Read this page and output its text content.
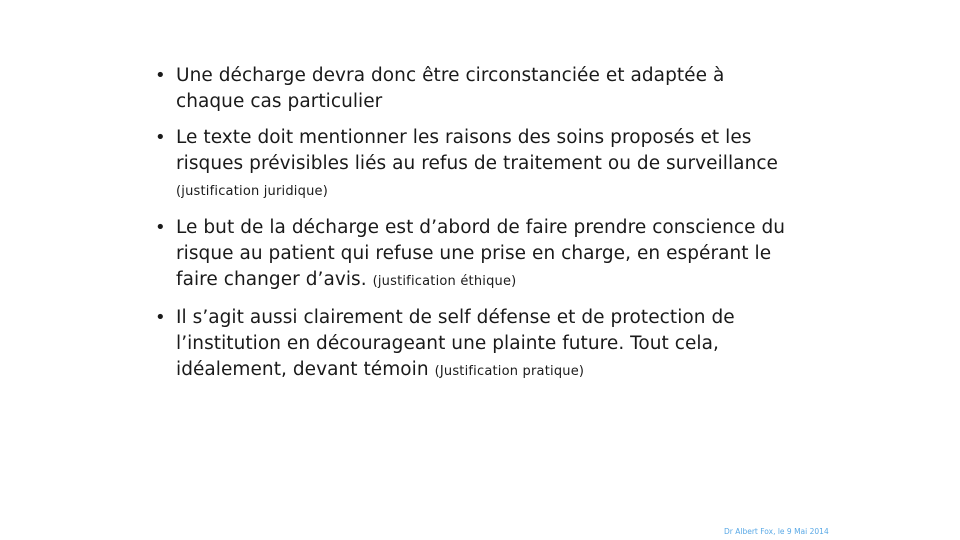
• Une décharge devra donc être circonstanciée et adaptée à chaque cas particulier
• Le texte doit mentionner les raisons des soins proposés et les risques prévisibles liés au refus de traitement ou de surveillance (justification juridique)
• Le but de la décharge est d’abord de faire prendre conscience du risque au patient qui refuse une prise en charge, en espérant le faire changer d’avis. (justification éthique)
• Il s’agit aussi clairement de self défense et de protection de l’institution en décourageant une plainte future. Tout cela, idéalement, devant témoin (Justification pratique)
Dr Albert Fox, le 9 Mai 2014
